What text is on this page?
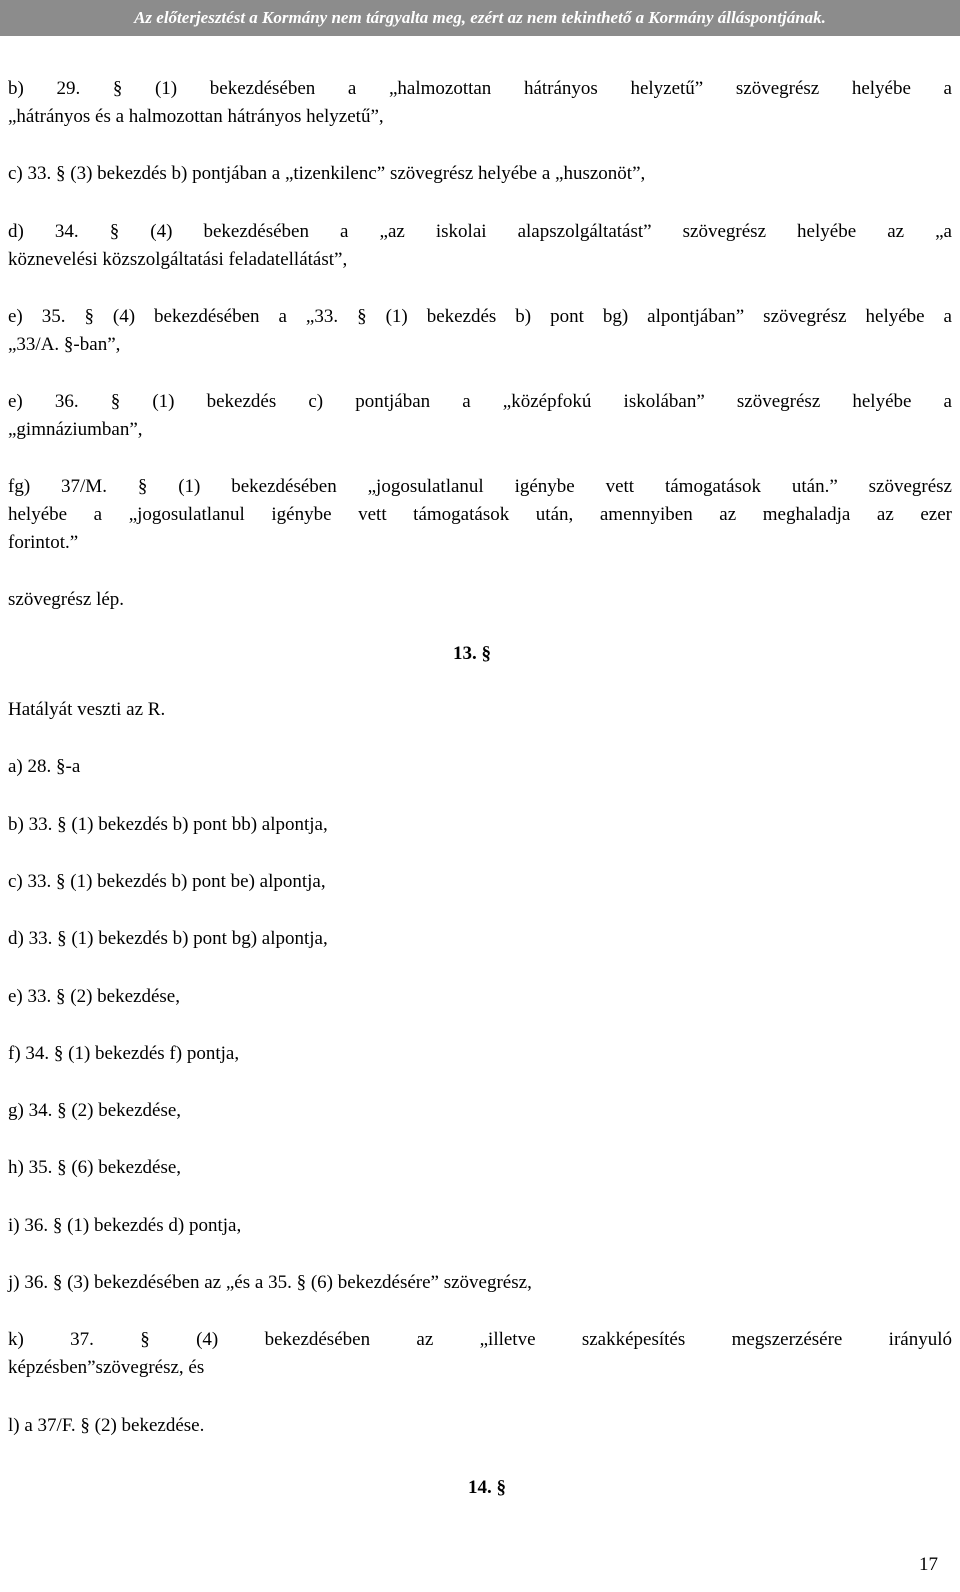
Az előterjesztést a Kormány nem tárgyalta meg, ezért az nem tekinthető a Kormány álláspontjának.

b) 29. § (1) bekezdésében a „halmozottan hátrányos helyzetű” szövegrész helyébe a

„hátrányos és a halmozottan hátrányos helyzetű”,

c) 33. § (3) bekezdés b) pontjában a „tizenkilenc” szövegrész helyébe a „huszonöt”,

d) 34. § (4) bekezdésében a „az iskolai alapszolgáltatást” szövegrész helyébe az „a

köznevelési közszolgáltatási feladatellátást”,

e) 35. § (4) bekezdésében a „33. § (1) bekezdés b) pont bg) alpontjában” szövegrész helyébe a

„33/A. §-ban”,

e) 36. § (1) bekezdés c) pontjában a „középfokú iskolában” szövegrész helyébe a

„gimnáziumban”,

fg) 37/M. § (1) bekezdésében „jogosulatlanul igénybe vett támogatások után.” szövegrész

helyébe a „jogosulatlanul igénybe vett támogatások után, amennyiben az meghaladja az ezer

forintot.”

szövegrész lép.

13. §

Hatályát veszti az R.

a) 28. §-a

b) 33. § (1) bekezdés b) pont bb) alpontja,

c) 33. § (1) bekezdés b) pont be) alpontja,

d) 33. § (1) bekezdés b) pont bg) alpontja,

e) 33. § (2) bekezdése,

f) 34. § (1) bekezdés f) pontja,

g) 34. § (2) bekezdése,

h) 35. § (6) bekezdése,

i) 36. § (1) bekezdés d) pontja,

j) 36. § (3) bekezdésében az „és a 35. § (6) bekezdésére” szövegrész,

k) 37. § (4) bekezdésében az „illetve szakképesítés megszerzésére irányuló

képzésben”szövegrész, és

l) a 37/F. § (2) bekezdése.

14. §

17
